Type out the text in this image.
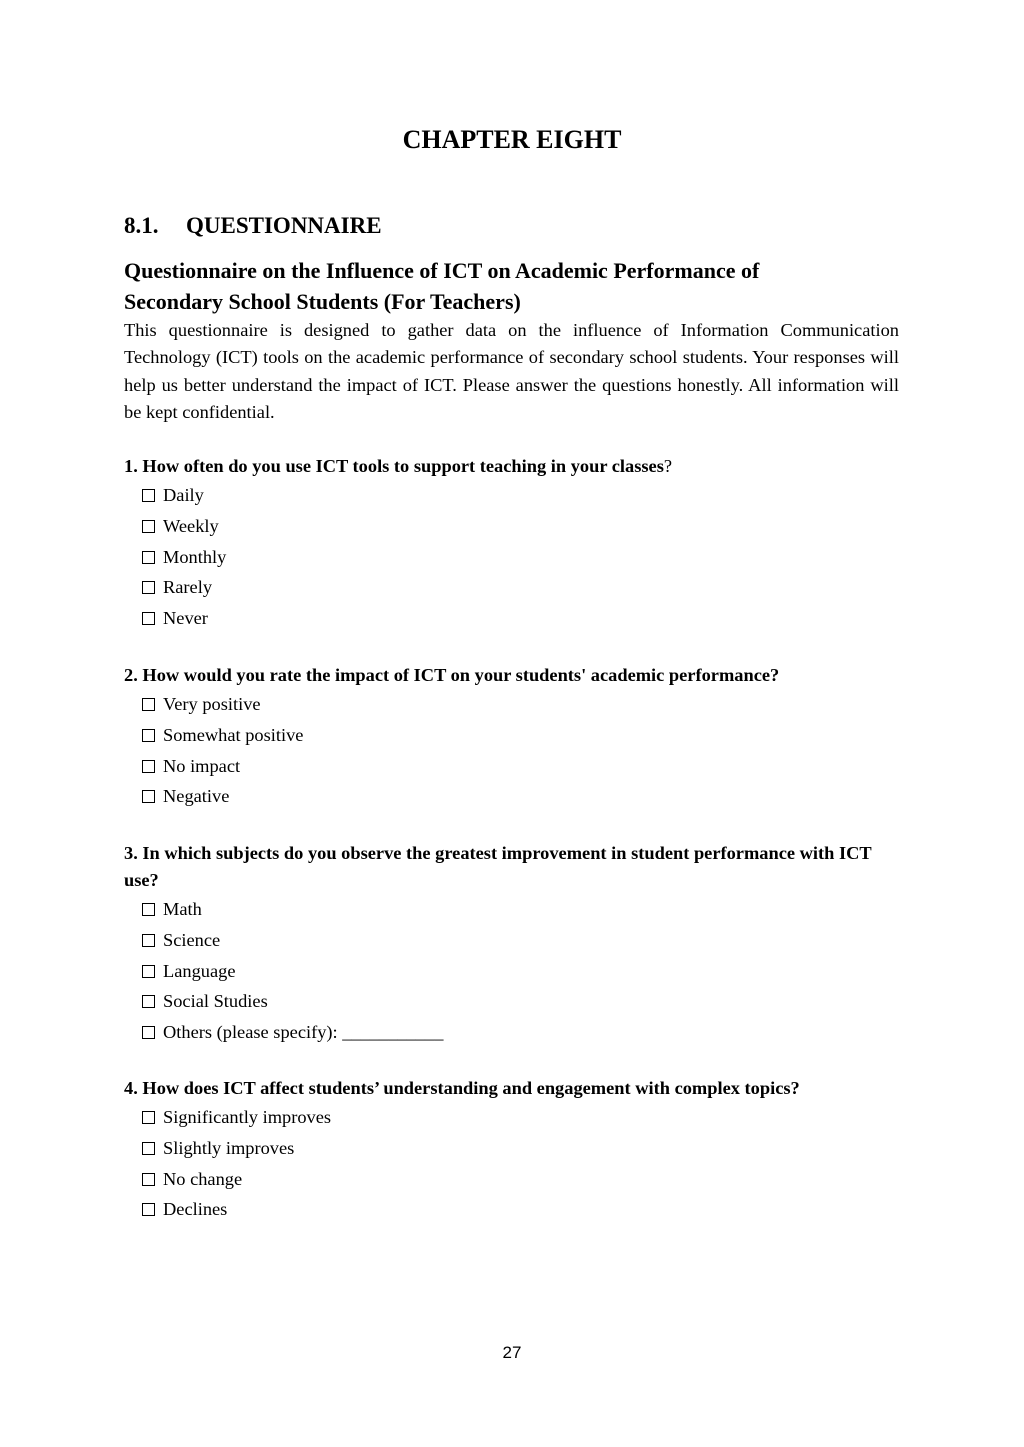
CHAPTER EIGHT
8.1. QUESTIONNAIRE
Questionnaire on the Influence of ICT on Academic Performance of Secondary School Students (For Teachers)

This questionnaire is designed to gather data on the influence of Information Communication Technology (ICT) tools on the academic performance of secondary school students. Your responses will help us better understand the impact of ICT. Please answer the questions honestly. All information will be kept confidential.

1. How often do you use ICT tools to support teaching in your classes?

Daily
Weekly
Monthly
Rarely
Never

2. How would you rate the impact of ICT on your students' academic performance?

Very positive
Somewhat positive
No impact
Negative

3. In which subjects do you observe the greatest improvement in student performance with ICT use?

Math
Science
Language
Social Studies
Others (please specify): ___________

4. How does ICT affect students’ understanding and engagement with complex topics?

Significantly improves
Slightly improves
No change
Declines

27
